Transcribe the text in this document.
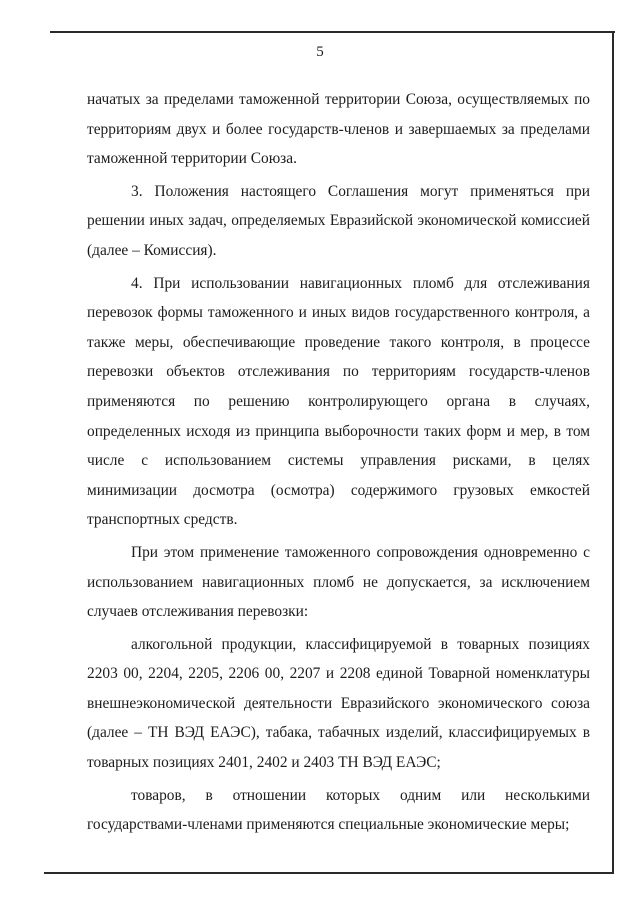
5

начатых за пределами таможенной территории Союза, осуществляемых по территориям двух и более государств-членов и завершаемых за пределами таможенной территории Союза.

3. Положения настоящего Соглашения могут применяться при решении иных задач, определяемых Евразийской экономической комиссией (далее – Комиссия).

4. При использовании навигационных пломб для отслеживания перевозок формы таможенного и иных видов государственного контроля, а также меры, обеспечивающие проведение такого контроля, в процессе перевозки объектов отслеживания по территориям государств-членов применяются по решению контролирующего органа в случаях, определенных исходя из принципа выборочности таких форм и мер, в том числе с использованием системы управления рисками, в целях минимизации досмотра (осмотра) содержимого грузовых емкостей транспортных средств.

При этом применение таможенного сопровождения одновременно с использованием навигационных пломб не допускается, за исключением случаев отслеживания перевозки:

алкогольной продукции, классифицируемой в товарных позициях 2203 00, 2204, 2205, 2206 00, 2207 и 2208 единой Товарной номенклатуры внешнеэкономической деятельности Евразийского экономического союза (далее – ТН ВЭД ЕАЭС), табака, табачных изделий, классифицируемых в товарных позициях 2401, 2402 и 2403 ТН ВЭД ЕАЭС;

товаров, в отношении которых одним или несколькими государствами-членами применяются специальные экономические меры;
